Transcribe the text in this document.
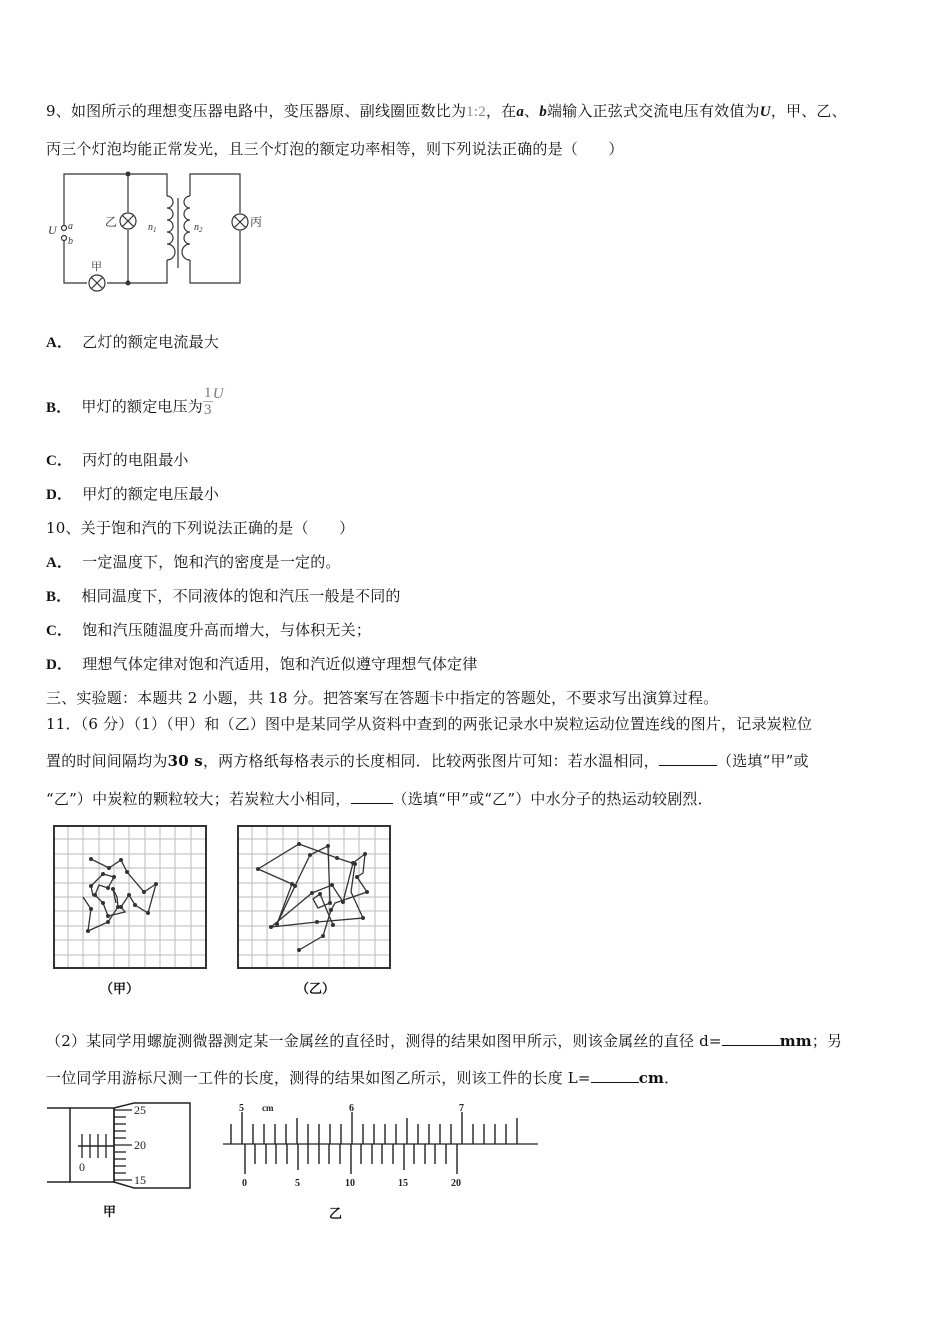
9、如图所示的理想变压器电路中，变压器原、副线圈匝数比为1:2，在a、b端输入正弦式交流电压有效值为U，甲、乙、
丙三个灯泡均能正常发光，且三个灯泡的额定功率相等，则下列说法正确的是（　　）
U a
b
乙	丙
甲
$n_1$	$n_2$
A． 乙灯的额定电流最大
B． 甲灯的额定电压为 $\frac{1}{3}$ U
C． 丙灯的电阻最小
D． 甲灯的额定电压最小
10、关于饱和汽的下列说法正确的是（　　）
A． 一定温度下，饱和汽的密度是一定的。
B． 相同温度下，不同液体的饱和汽压一般是不同的
C． 饱和汽压随温度升高而增大，与体积无关；
D． 理想气体定律对饱和汽适用，饱和汽近似遵守理想气体定律
三、实验题：本题共 2 小题，共 18 分。把答案写在答题卡中指定的答题处，不要求写出演算过程。
11．（6 分）（1）（甲）和（乙）图中是某同学从资料中查到的两张记录水中炭粒运动位置连线的图片，记录炭粒位
置的时间间隔均为30 s，两方格纸每格表示的长度相同．比较两张图片可知：若水温相同，	（选填“甲”或
“乙”）中炭粒的颗粒较大；若炭粒大小相同，	（选填“甲”或“乙”）中水分子的热运动较剧烈．
（甲）	（乙）
（2）某同学用螺旋测微器测定某一金属丝的直径时，测得的结果如图甲所示，则该金属丝的直径 d=	mm；另
一位同学用游标尺测一工件的长度，测得的结果如图乙所示，则该工件的长度 L=	cm．
25
20
15
0
甲
5 cm	6	7
0	5	10	15	20
乙
